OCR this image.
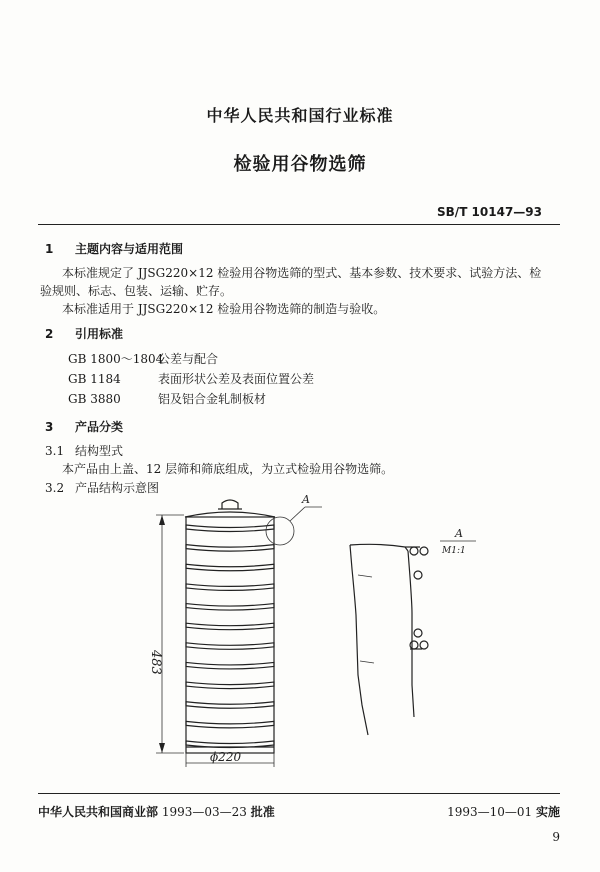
中华人民共和国行业标准
检验用谷物选筛
SB/T 10147—93
1 主题内容与适用范围
本标准规定了 JJSG220×12 检验用谷物选筛的型式、基本参数、技术要求、试验方法、检
验规则、标志、包装、运输、贮存。
本标准适用于 JJSG220×12 检验用谷物选筛的制造与验收。
2 引用标准
GB 1800～1804公差与配合
GB 1184	表面形状公差及表面位置公差
GB 3880	铝及铝合金轧制板材
3 产品分类
3.1 结构型式
本产品由上盖、12 层筛和筛底组成，为立式检验用谷物选筛。
3.2 产品结构示意图
483
A
ϕ220
A
M1:1
中华人民共和国商业部 1993—03—23 批准	1993—10—01 实施
9
